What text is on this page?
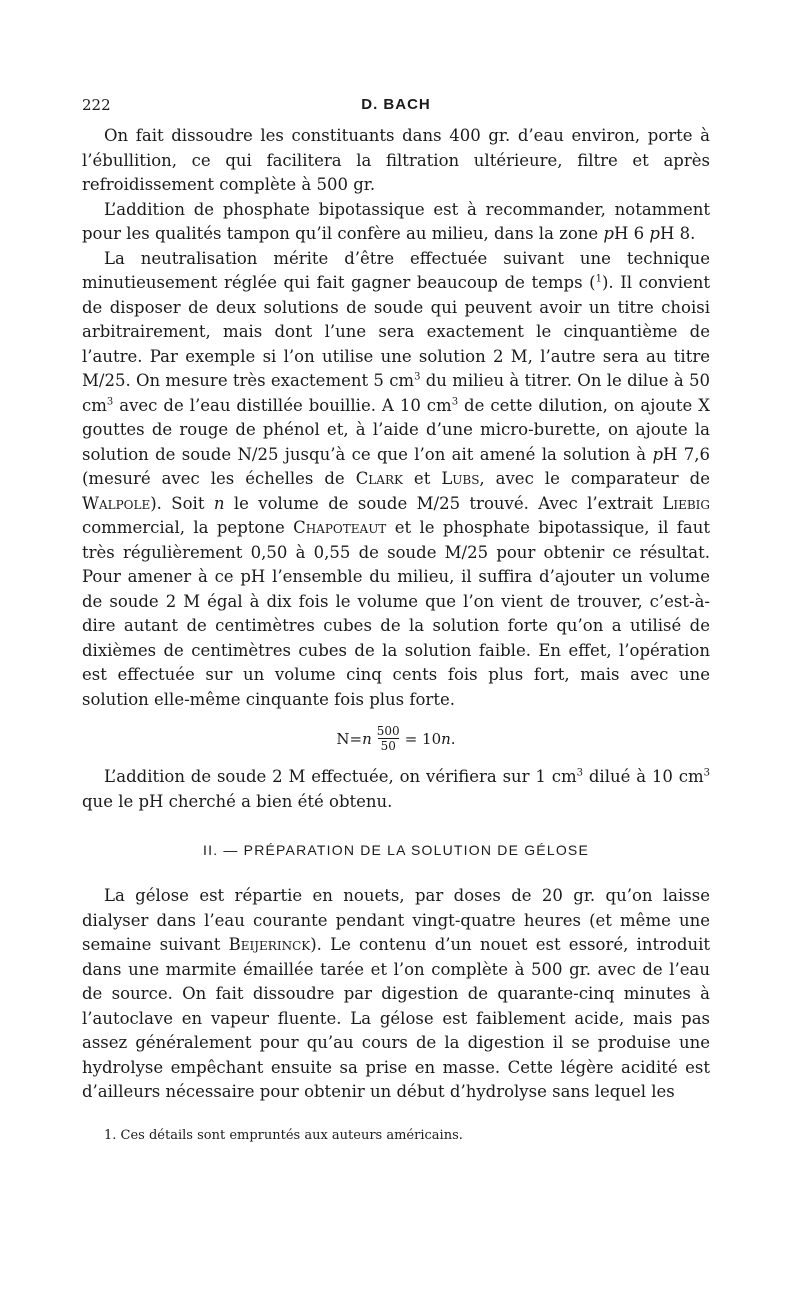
222	D. BACH

On fait dissoudre les constituants dans 400 gr. d’eau environ, porte à l’ébullition, ce qui facilitera la filtration ultérieure, filtre et après refroidissement complète à 500 gr.

L’addition de phosphate bipotassique est à recommander, notamment pour les qualités tampon qu’il confère au milieu, dans la zone pH 6 pH 8.

La neutralisation mérite d’être effectuée suivant une technique minutieusement réglée qui fait gagner beaucoup de temps ($^1$). Il convient de disposer de deux solutions de soude qui peuvent avoir un titre choisi arbitrairement, mais dont l’une sera exactement le cinquantième de l’autre. Par exemple si l’on utilise une solution 2 M, l’autre sera au titre M/25. On mesure très exactement 5 $cm^3$ du milieu à titrer. On le dilue à 50 $cm^3$ avec de l’eau distillée bouillie. A 10 $cm^3$ de cette dilution, on ajoute X gouttes de rouge de phénol et, à l’aide d’une micro-burette, on ajoute la solution de soude N/25 jusqu’à ce que l’on ait amené la solution à pH 7,6 (mesuré avec les échelles de Clark et Lubs, avec le comparateur de Walpole). Soit n le volume de soude M/25 trouvé. Avec l’extrait Liebig commercial, la peptone Chapoteaut et le phosphate bipotassique, il faut très régulièrement 0,50 à 0,55 de soude M/25 pour obtenir ce résultat. Pour amener à ce pH l’ensemble du milieu, il suffira d’ajouter un volume de soude 2 M égal à dix fois le volume que l’on vient de trouver, c’est-à-dire autant de centimètres cubes de la solution forte qu’on a utilisé de dixièmes de centimètres cubes de la solution faible. En effet, l’opération est effectuée sur un volume cinq cents fois plus fort, mais avec une solution elle-même cinquante fois plus forte.

N = n $\frac{500}{50} = 10$ n .

L’addition de soude 2 M effectuée, on vérifiera sur 1 $cm^3$ dilué à 10 $cm^3$ que le pH cherché a bien été obtenu.

II. — PRÉPARATION DE LA SOLUTION DE GÉLOSE

La gélose est répartie en nouets, par doses de 20 gr. qu’on laisse dialyser dans l’eau courante pendant vingt-quatre heures (et même une semaine suivant Beijerinck). Le contenu d’un nouet est essoré, introduit dans une marmite émaillée tarée et l’on complète à 500 gr. avec de l’eau de source. On fait dissoudre par digestion de quarante-cinq minutes à l’autoclave en vapeur fluente. La gélose est faiblement acide, mais pas assez généralement pour qu’au cours de la digestion il se produise une hydrolyse empêchant ensuite sa prise en masse. Cette légère acidité est d’ailleurs nécessaire pour obtenir un début d’hydrolyse sans lequel les

1. Ces détails sont empruntés aux auteurs américains.
